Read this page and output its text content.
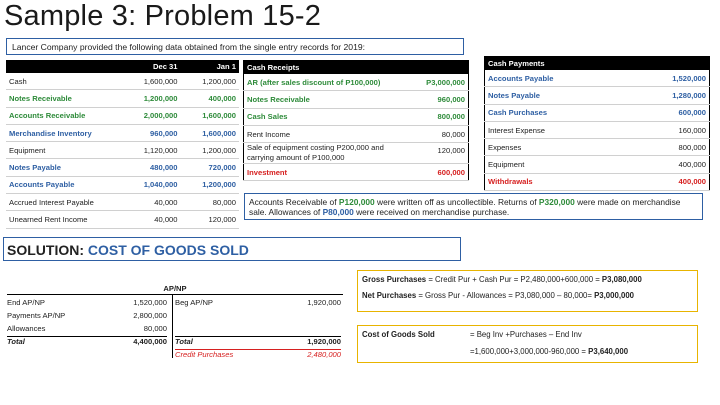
Sample 3: Problem 15-2
Lancer Company provided the following data obtained from the single entry records for 2019:
	Dec 31	Jan 1
Cash	1,600,000	1,200,000
Notes Receivable	1,200,000	400,000
Accounts Receivable	2,000,000	1,600,000
Merchandise Inventory	960,000	1,600,000
Equipment	1,120,000	1,200,000
Notes Payable	480,000	720,000
Accounts Payable	1,040,000	1,200,000
Accrued Interest Payable	40,000	80,000
Unearned Rent Income	40,000	120,000
Cash Receipts	
AR (after sales discount of P100,000)	P3,000,000
Notes Receivable	960,000
Cash Sales	800,000
Rent Income	80,000
Sale of equipment costing P200,000 and carrying amount of P100,000	120,000
Investment	600,000
Cash Payments	
Accounts Payable	1,520,000
Notes Payable	1,280,000
Cash Purchases	600,000
Interest Expense	160,000
Expenses	800,000
Equipment	400,000
Withdrawals	400,000
Accounts Receivable of P120,000 were written off as uncollectible. Returns of P320,000 were made on merchandise sale. Allowances of P80,000 were received on merchandise purchase.
SOLUTION: COST OF GOODS SOLD
AP/NP
End AP/NP	1,520,000
Payments AP/NP	2,800,000
Allowances	80,000
Total	4,400,000
Beg AP/NP	1,920,000
Total	1,920,000
Credit Purchases	2,480,000
Gross Purchases = Credit Pur + Cash Pur = P2,480,000+600,000 = P3,080,000
Net Purchases = Gross Pur - Allowances = P3,080,000 – 80,000= P3,000,000
Cost of Goods Sold	= Beg Inv +Purchases – End Inv
=1,600,000+3,000,000-960,000 = P3,640,000
